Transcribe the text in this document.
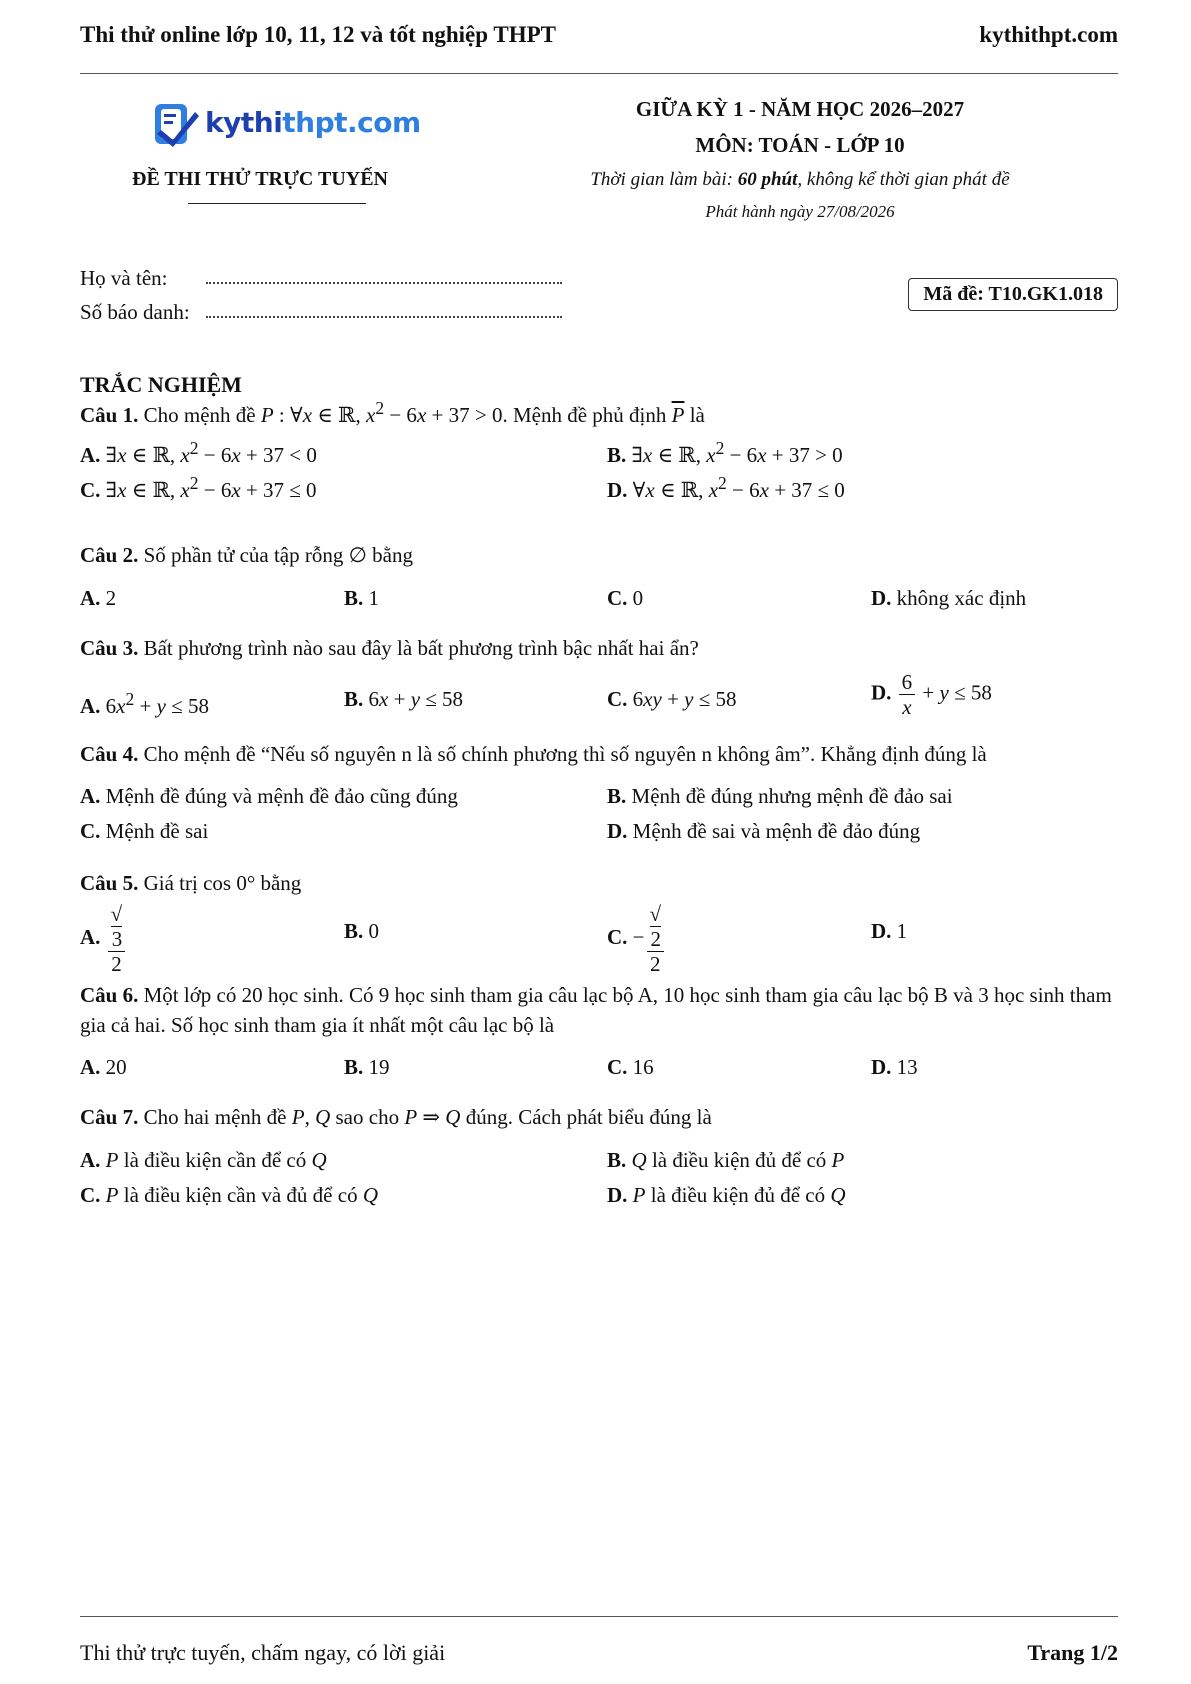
Thi thử online lớp 10, 11, 12 và tốt nghiệp THPT	kythithpt.com
kythithpt.com
ĐỀ THI THỬ TRỰC TUYẾN
GIỮA KỲ 1 - NĂM HỌC 2026–2027
MÔN: TOÁN - LỚP 10
Thời gian làm bài: 60 phút, không kể thời gian phát đề
Phát hành ngày 27/08/2026
Họ và tên:
Số báo danh:
Mã đề: T10.GK1.018
TRẮC NGHIỆM
Câu 1. Cho mệnh đề P : ∀x ∈ ℝ, $x^2 - 6x + 37 > 0$. Mệnh đề phủ định $\overline{P}$ là
A. ∃x ∈ ℝ, $x^2 - 6x + 37 < 0$	B. ∃x ∈ ℝ, $x^2 - 6x + 37 > 0$
C. ∃x ∈ ℝ, $x^2 - 6x + 37 \le 0$	D. ∀x ∈ ℝ, $x^2 - 6x + 37 \le 0$
Câu 2. Số phần tử của tập rỗng ∅ bằng
A. 2	B. 1	C. 0	D. không xác định
Câu 3. Bất phương trình nào sau đây là bất phương trình bậc nhất hai ẩn?
A. $6x^2 + y \le 58$	B. 6x + y ≤ 58	C. 6xy + y ≤ 58	D. $\frac{6}{x} + y \le 58$
Câu 4. Cho mệnh đề “Nếu số nguyên n là số chính phương thì số nguyên n không âm”. Khẳng định đúng là
A. Mệnh đề đúng và mệnh đề đảo cũng đúng	B. Mệnh đề đúng nhưng mệnh đề đảo sai
C. Mệnh đề sai	D. Mệnh đề sai và mệnh đề đảo đúng
Câu 5. Giá trị cos 0° bằng
A. √
3
2	B. 0	C. − √
2
2	D. 1
Câu 6. Một lớp có 20 học sinh. Có 9 học sinh tham gia câu lạc bộ A, 10 học sinh tham gia câu lạc bộ B và 3 học sinh tham gia cả hai. Số học sinh tham gia ít nhất một câu lạc bộ là
A. 20	B. 19	C. 16	D. 13
Câu 7. Cho hai mệnh đề P, Q sao cho P ⇒ Q đúng. Cách phát biểu đúng là
A. P là điều kiện cần để có Q	B. Q là điều kiện đủ để có P
C. P là điều kiện cần và đủ để có Q	D. P là điều kiện đủ để có Q
Thi thử trực tuyến, chấm ngay, có lời giải	Trang 1/2
